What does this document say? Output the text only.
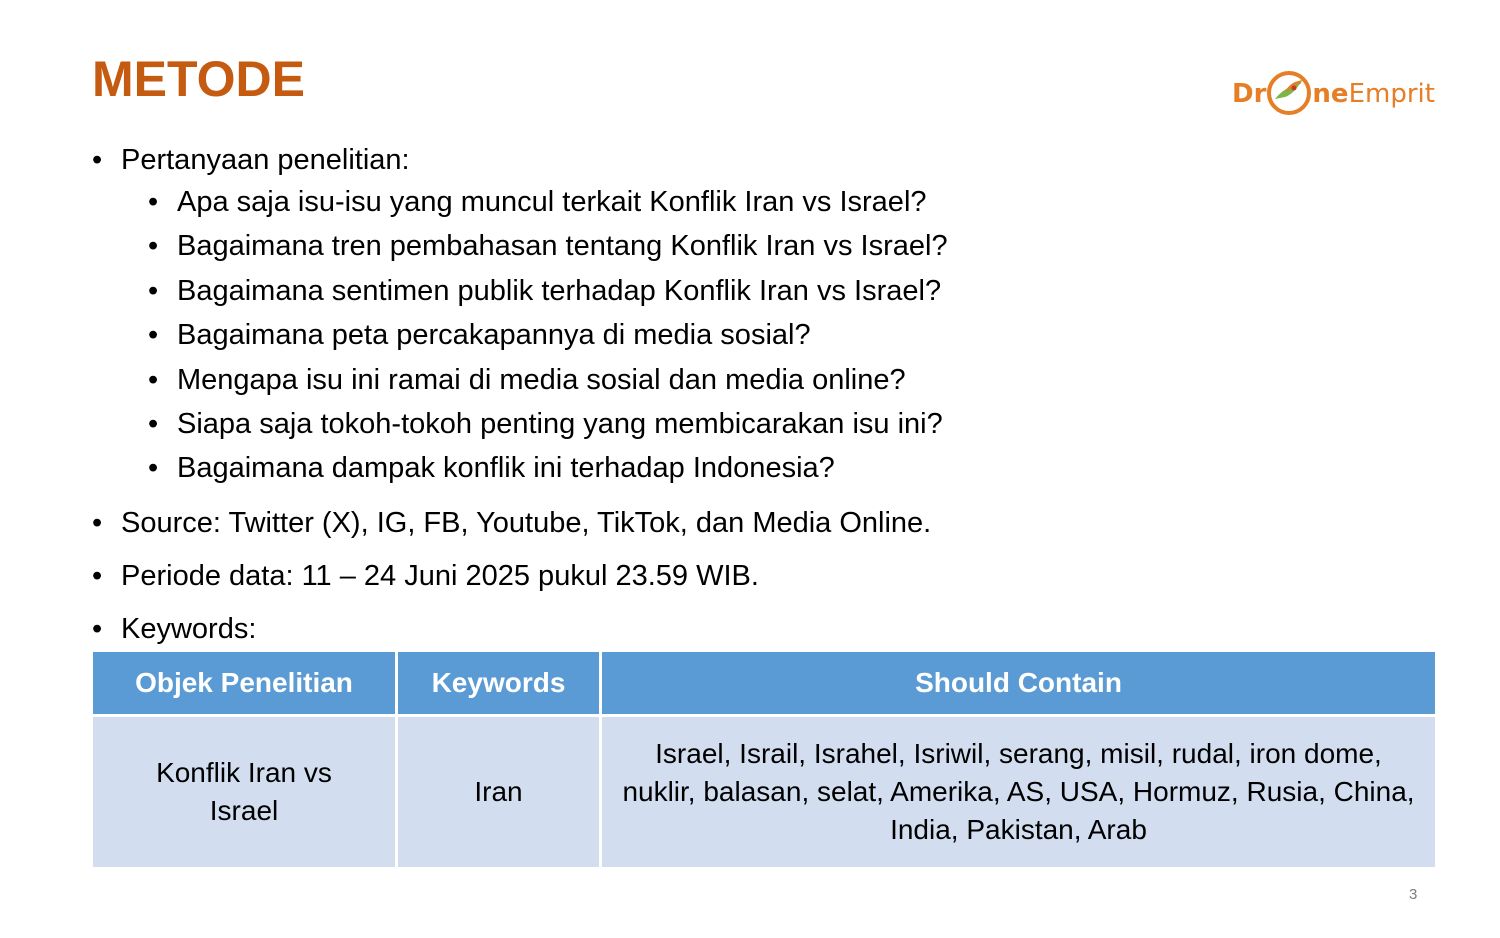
METODE	Dr neEmprit
• Pertanyaan penelitian:
• Apa saja isu-isu yang muncul terkait Konflik Iran vs Israel?
• Bagaimana tren pembahasan tentang Konflik Iran vs Israel?
• Bagaimana sentimen publik terhadap Konflik Iran vs Israel?
• Bagaimana peta percakapannya di media sosial?
• Mengapa isu ini ramai di media sosial dan media online?
• Siapa saja tokoh-tokoh penting yang membicarakan isu ini?
• Bagaimana dampak konflik ini terhadap Indonesia?
• Source: Twitter (X), IG, FB, Youtube, TikTok, dan Media Online.
• Periode data: 11 – 24 Juni 2025 pukul 23.59 WIB.
• Keywords:
Objek Penelitian	Keywords	Should Contain
Konflik Iran vs Israel	Iran	Israel, Israil, Israhel, Isriwil, serang, misil, rudal, iron dome, nuklir, balasan, selat, Amerika, AS, USA, Hormuz, Rusia, China, India, Pakistan, Arab
3
